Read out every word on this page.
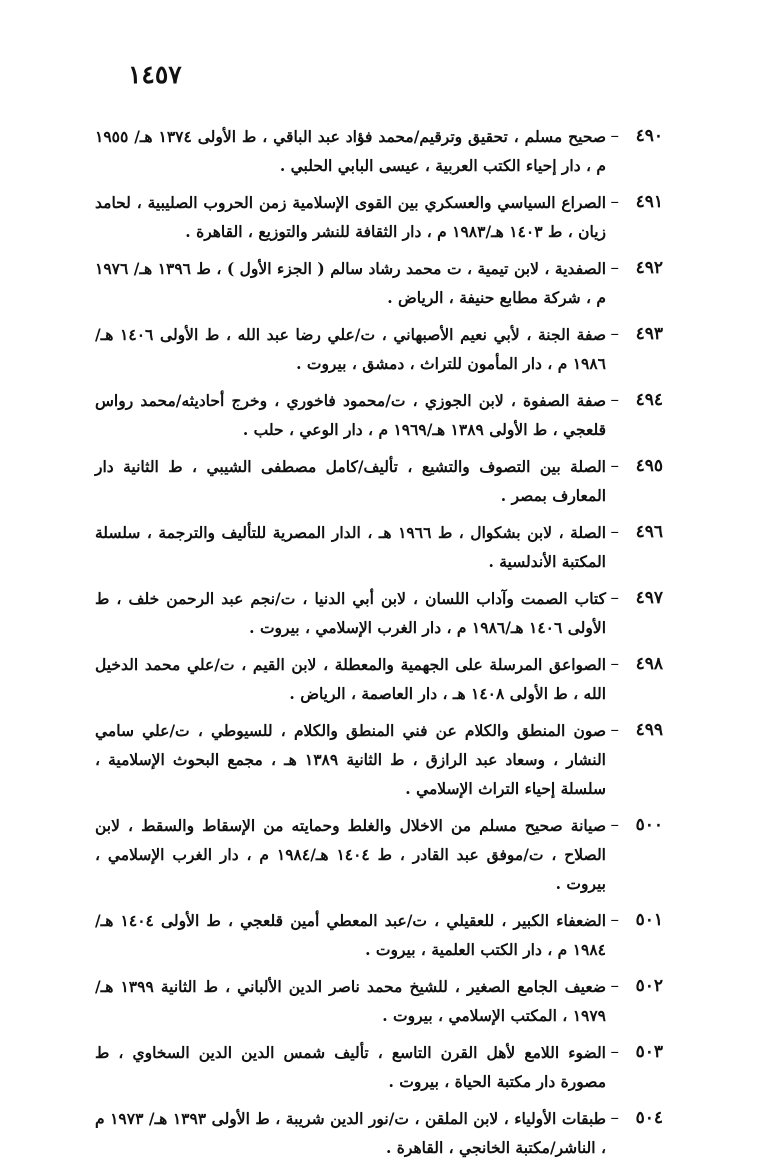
١٤٥٧
٤٩٠
–
صحيح مسلم ، تحقيق وترقيم/محمد فؤاد عبد الباقي ، ط الأولى ١٣٧٤ هـ/ ١٩٥٥ م ، دار إحياء الكتب العربية ، عيسى البابي الحلبي .
٤٩١
–
الصراع السياسي والعسكري بين القوى الإسلامية زمن الحروب الصليبية ، لحامد زيان ، ط ١٤٠٣ هـ/١٩٨٣ م ، دار الثقافة للنشر والتوزيع ، القاهرة .
٤٩٢
–
الصفدية ، لابن تيمية ، ت محمد رشاد سالم ( الجزء الأول ) ، ط ١٣٩٦ هـ/ ١٩٧٦ م ، شركة مطابع حنيفة ، الرياض .
٤٩٣
–
صفة الجنة ، لأبي نعيم الأصبهاني ، ت/علي رضا عبد الله ، ط الأولى ١٤٠٦ هـ/ ١٩٨٦ م ، دار المأمون للتراث ، دمشق ، بيروت .
٤٩٤
–
صفة الصفوة ، لابن الجوزي ، ت/محمود فاخوري ، وخرج أحاديثه/محمد رواس قلعجي ، ط الأولى ١٣٨٩ هـ/١٩٦٩ م ، دار الوعي ، حلب .
٤٩٥
–
الصلة بين التصوف والتشيع ، تأليف/كامل مصطفى الشيبي ، ط الثانية دار المعارف بمصر .
٤٩٦
–
الصلة ، لابن بشكوال ، ط ١٩٦٦ هـ ، الدار المصرية للتأليف والترجمة ، سلسلة المكتبة الأندلسية .
٤٩٧
–
كتاب الصمت وآداب اللسان ، لابن أبي الدنيا ، ت/نجم عبد الرحمن خلف ، ط الأولى ١٤٠٦ هـ/١٩٨٦ م ، دار الغرب الإسلامي ، بيروت .
٤٩٨
–
الصواعق المرسلة على الجهمية والمعطلة ، لابن القيم ، ت/علي محمد الدخيل الله ، ط الأولى ١٤٠٨ هـ ، دار العاصمة ، الرياض .
٤٩٩
–
صون المنطق والكلام عن فني المنطق والكلام ، للسيوطي ، ت/علي سامي النشار ، وسعاد عبد الرازق ، ط الثانية ١٣٨٩ هـ ، مجمع البحوث الإسلامية ، سلسلة إحياء التراث الإسلامي .
٥٠٠
–
صيانة صحيح مسلم من الاخلال والغلط وحمايته من الإسقاط والسقط ، لابن الصلاح ، ت/موفق عبد القادر ، ط ١٤٠٤ هـ/١٩٨٤ م ، دار الغرب الإسلامي ، بيروت .
٥٠١
–
الضعفاء الكبير ، للعقيلي ، ت/عبد المعطي أمين قلعجي ، ط الأولى ١٤٠٤ هـ/ ١٩٨٤ م ، دار الكتب العلمية ، بيروت .
٥٠٢
–
ضعيف الجامع الصغير ، للشيخ محمد ناصر الدين الألباني ، ط الثانية ١٣٩٩ هـ/ ١٩٧٩ ، المكتب الإسلامي ، بيروت .
٥٠٣
–
الضوء اللامع لأهل القرن التاسع ، تأليف شمس الدين الدين السخاوي ، ط مصورة دار مكتبة الحياة ، بيروت .
٥٠٤
–
طبقات الأولياء ، لابن الملقن ، ت/نور الدين شريبة ، ط الأولى ١٣٩٣ هـ/ ١٩٧٣ م ، الناشر/مكتبة الخانجي ، القاهرة .
